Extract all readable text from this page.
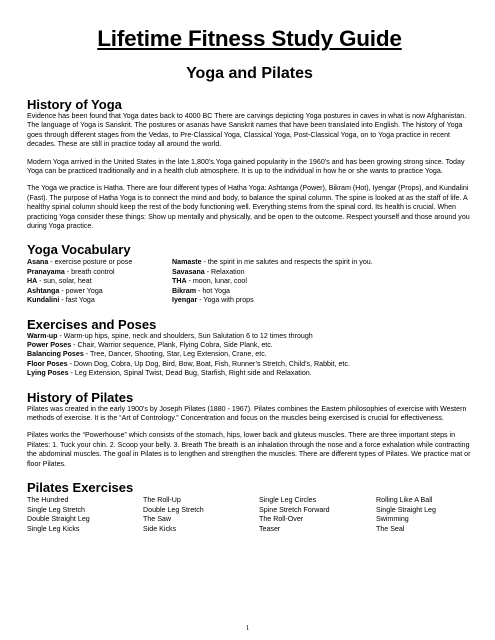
Lifetime Fitness Study Guide
Yoga and Pilates
History of Yoga

Evidence has been found that Yoga dates back to 4000 BC There are carvings depicting Yoga postures in caves in what is now Afghanistan. The language of Yoga is Sanskrit. The postures or asanas have Sanskrit names that have been translated into English. The history of Yoga goes through different stages from the Vedas, to Pre-Classical Yoga, Classical Yoga, Post-Classical Yoga, on to Yoga practice in recent decades. These are still in practice today all around the world.

Modern Yoga arrived in the United States in the late 1,800’s.Yoga gained popularity in the 1960’s and has been growing strong since. Today Yoga can be practiced traditionally and in a health club atmosphere. It is up to the individual in how he or she wants to practice Yoga.

The Yoga we practice is Hatha. There are four different types of Hatha Yoga: Ashtanga (Power), Bikram (Hot), Iyengar (Props), and Kundalini (Fast). The purpose of Hatha Yoga is to connect the mind and body, to balance the spinal column. The spine is looked at as the staff of life. A healthy spinal column should keep the rest of the body functioning well. Everything stems from the spinal cord. Its health is crucial. When practicing Yoga consider these things: Show up mentally and physically, and be open to the outcome. Respect yourself and those around you during Yoga practice.

Yoga Vocabulary
Asana - exercise posture or pose	Namaste - the spirit in me salutes and respects the spirit in you.
Pranayama - breath control	Savasana - Relaxation
HA - sun, solar, heat	THA - moon, lunar, cool
Ashtanga - power Yoga	Bikram - hot Yoga
Kundalini - fast Yoga	Iyengar - Yoga with props
Exercises and Poses

Warm-up - Warm-up hips, spine, neck and shoulders, Sun Salutation 6 to 12 times through

Power Poses - Chair, Warrior sequence, Plank, Flying Cobra, Side Plank, etc.

Balancing Poses - Tree, Dancer, Shooting, Star, Leg Extension, Crane, etc.

Floor Poses - Down Dog, Cobra, Up Dog, Bird, Bow, Boat, Fish, Runner’s Stretch, Child’s, Rabbit, etc.

Lying Poses - Leg Extension, Spinal Twist, Dead Bug, Starfish, Right side and Relaxation.

History of Pilates

Pilates was created in the early 1900’s by Joseph Pilates (1880 - 1967). Pilates combines the Eastern philosophies of exercise with Western methods of exercise. It is the “Art of Contrology.” Concentration and focus on the muscles being exercised is crucial for effectiveness.

Pilates works the “Powerhouse” which consists of the stomach, hips, lower back and gluteus muscles. There are three important steps in Pilates: 1. Tuck your chin. 2. Scoop your belly. 3. Breath The breath is an inhalation through the nose and a force exhalation while contracting the abdominal muscles. The goal in Pilates is to lengthen and strengthen the muscles. There are different types of Pilates. We practice mat or floor Pilates.

Pilates Exercises
The Hundred	The Roll-Up	Single Leg Circles	Rolling Like A Ball
Single Leg Stretch	Double Leg Stretch	Spine Stretch Forward	Single Straight Leg
Double Straight Leg	The Saw	The Roll-Over	Swimming
Single Leg Kicks	Side Kicks	Teaser	The Seal
1
